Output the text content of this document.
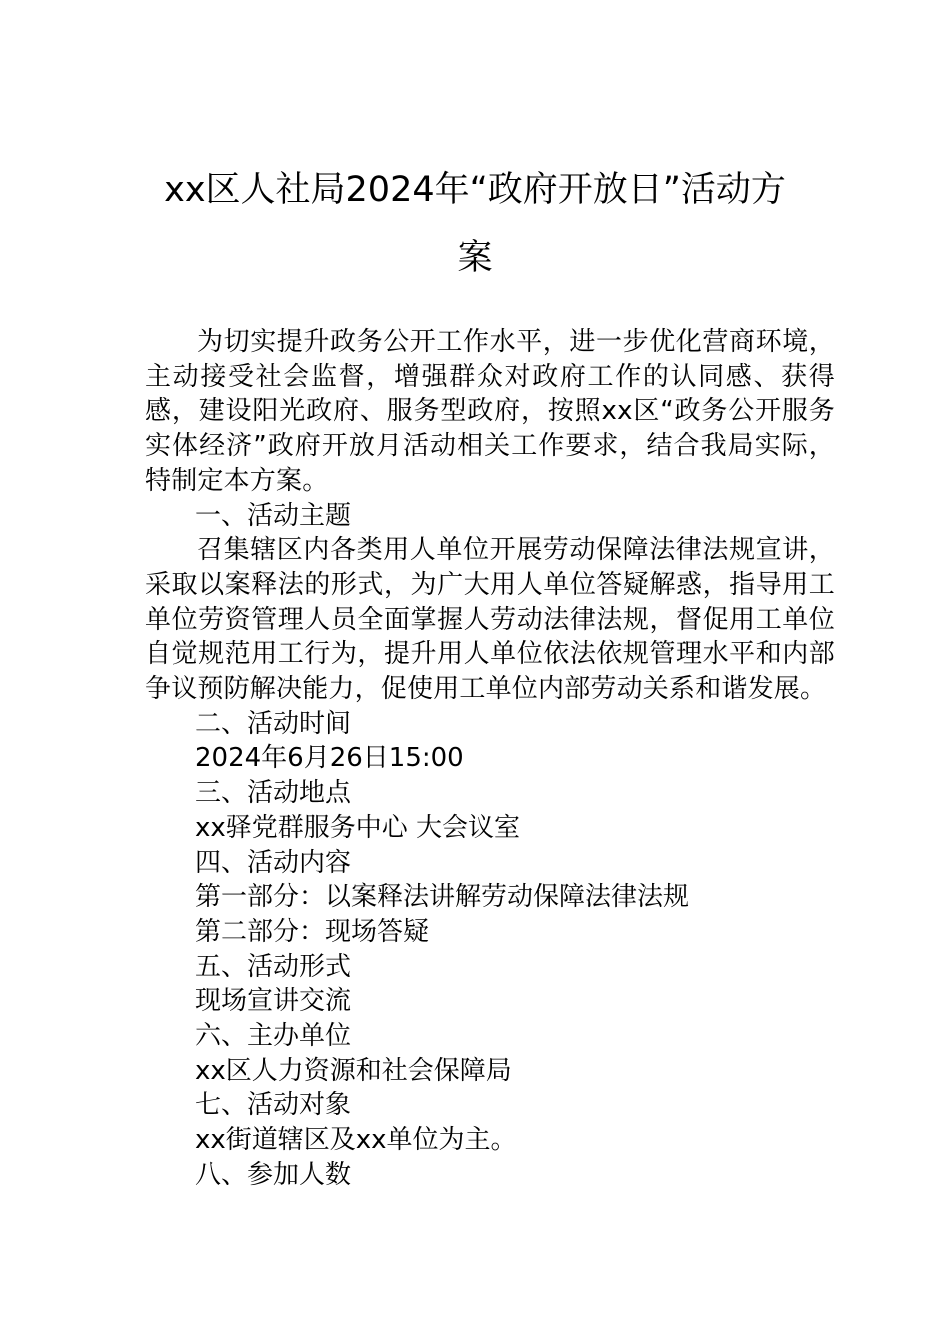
xx区人社局2024年“政府开放日”活动方
案

为切实提升政务公开工作水平，进一步优化营商环境，主动接受社会监督，增强群众对政府工作的认同感、获得感，建设阳光政府、服务型政府，按照xx区“政务公开服务实体经济”政府开放月活动相关工作要求，结合我局实际，特制定本方案。

一、活动主题

召集辖区内各类用人单位开展劳动保障法律法规宣讲，采取以案释法的形式，为广大用人单位答疑解惑，指导用工单位劳资管理人员全面掌握人劳动法律法规，督促用工单位自觉规范用工行为，提升用人单位依法依规管理水平和内部争议预防解决能力，促使用工单位内部劳动关系和谐发展。

二、活动时间

2024年6月26日15:00

三、活动地点

xx驿党群服务中心 大会议室

四、活动内容

第一部分：以案释法讲解劳动保障法律法规

第二部分：现场答疑

五、活动形式

现场宣讲交流

六、主办单位

xx区人力资源和社会保障局

七、活动对象

xx街道辖区及xx单位为主。

八、参加人数
